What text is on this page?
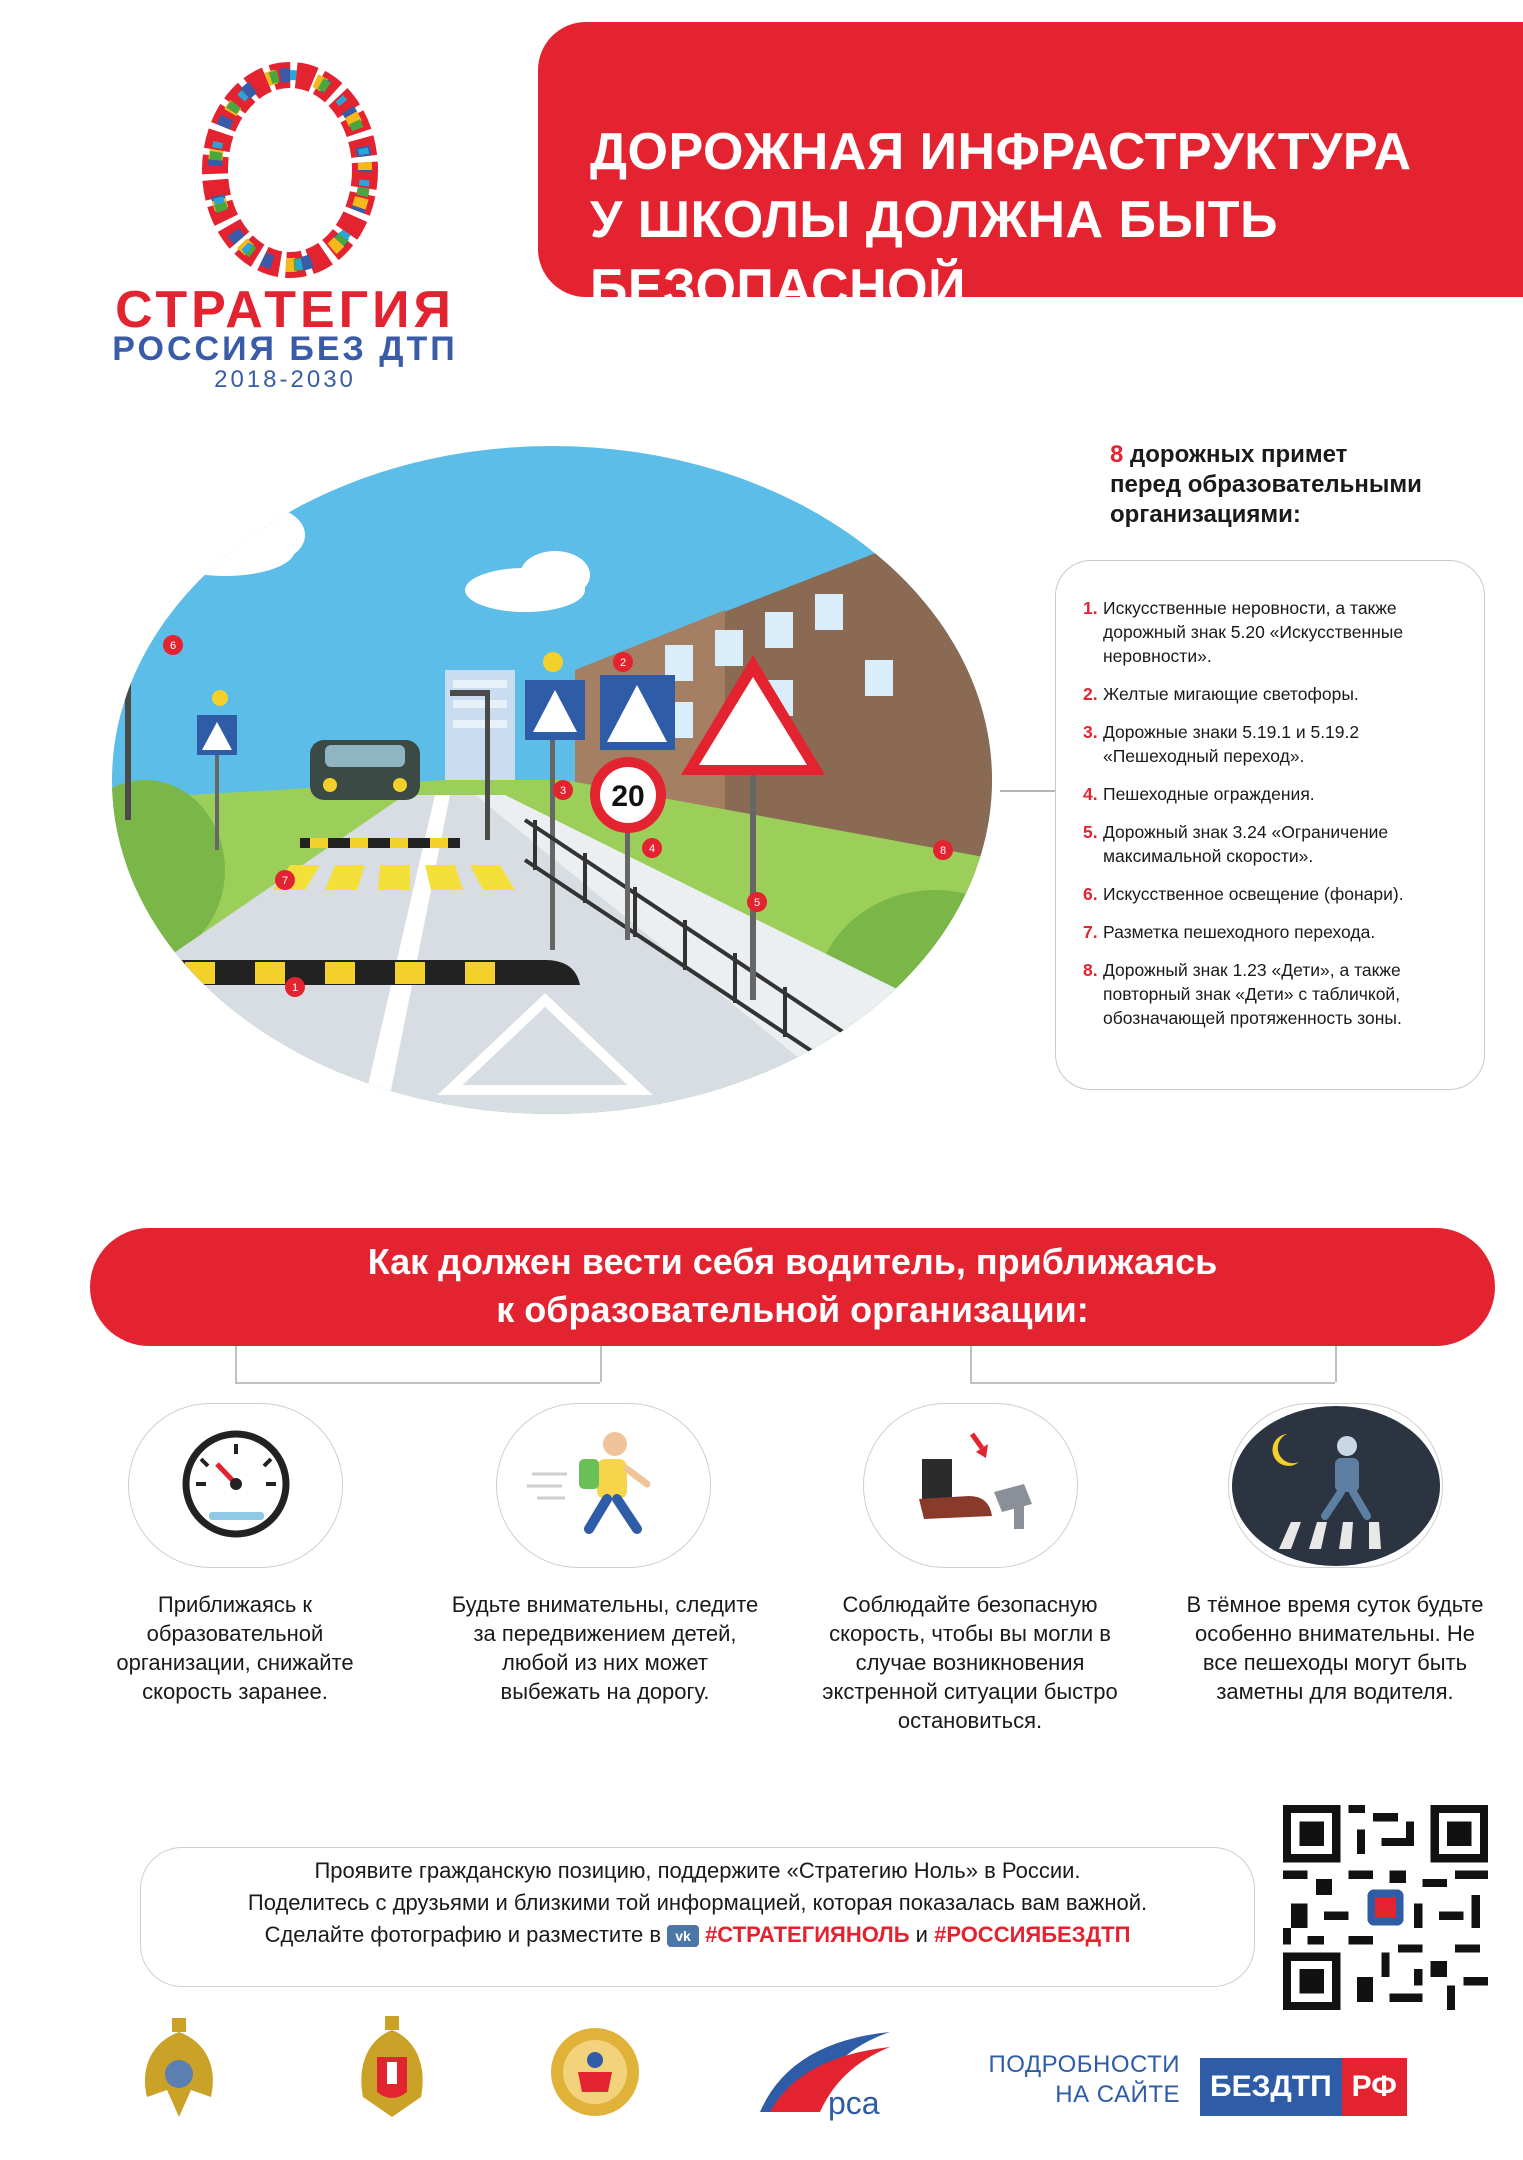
ДОРОЖНАЯ ИНФРАСТРУКТУРА
У ШКОЛЫ ДОЛЖНА БЫТЬ БЕЗОПАСНОЙ
СТРАТЕГИЯ
РОССИЯ БЕЗ ДТП
2018-2030
20
1
2
3
4
5
6
7
8
8 дорожных примет
перед образовательными
организациями:
1. Искусственные неровности, а также дорожный знак 5.20 «Искусственные неровности».
2. Желтые мигающие светофоры.
3. Дорожные знаки 5.19.1 и 5.19.2 «Пешеходный переход».
4. Пешеходные ограждения.
5. Дорожный знак 3.24 «Ограничение максимальной скорости».
6. Искусственное освещение (фонари).
7. Разметка пешеходного перехода.
8. Дорожный знак 1.23 «Дети», а также повторный знак «Дети» с табличкой, обозначающей протяженность зоны.
Как должен вести себя водитель, приближаясь
к образовательной организации:
Приближаясь к образовательной организации, снижайте скорость заранее.
Будьте внимательны, следите за передвижением детей, любой из них может выбежать на дорогу.
Соблюдайте безопасную скорость, чтобы вы могли в случае возникновения экстренной ситуации быстро остановиться.
В тёмное время суток будьте особенно внимательны. Не все пешеходы могут быть заметны для водителя.
Проявите гражданскую позицию, поддержите «Стратегию Ноль» в России.
Поделитесь с друзьями и близкими той информацией, которая показалась вам важной.
Сделайте фотографию и разместите в vk #СТРАТЕГИЯНОЛЬ и #РОССИЯБЕЗДТП
рса
ПОДРОБНОСТИ
НА САЙТЕ	БЕЗДТП РФ
